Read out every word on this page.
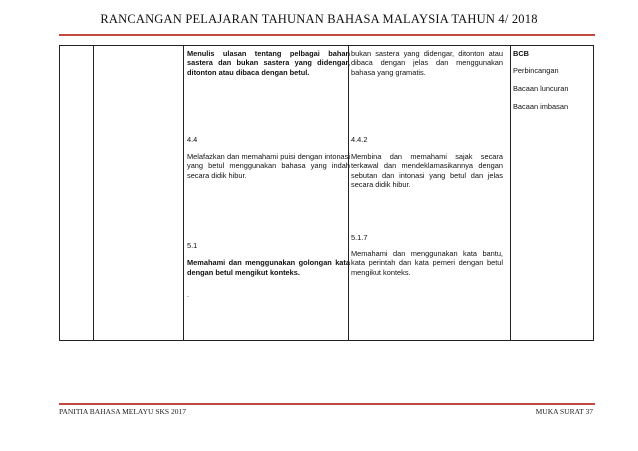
RANCANGAN PELAJARAN TAHUNAN BAHASA MALAYSIA TAHUN 4/ 2018
Menulis ulasan tentang pelbagai bahan sastera dan bukan sastera yang didengar, ditonton atau dibaca dengan betul.
4.4
Melafazkan dan memahami puisi dengan intonasi yang betul menggunakan bahasa yang indah secara didik hibur.
5.1
Memahami dan menggunakan golongan kata dengan betul mengikut konteks.
.
bukan sastera yang didengar, ditonton atau dibaca dengan jelas dan menggunakan bahasa yang gramatis.
4.4.2
Membina dan memahami sajak secara terkawal dan mendeklamasikannya dengan sebutan dan intonasi yang betul dan jelas secara didik hibur.
5.1.7
Memahami dan menggunakan kata bantu, kata perintah dan kata pemeri dengan betul mengikut konteks.
BCB
Perbincangan
Bacaan luncuran
Bacaan imbasan
PANITIA BAHASA MELAYU SKS 2017	MUKA SURAT 37
